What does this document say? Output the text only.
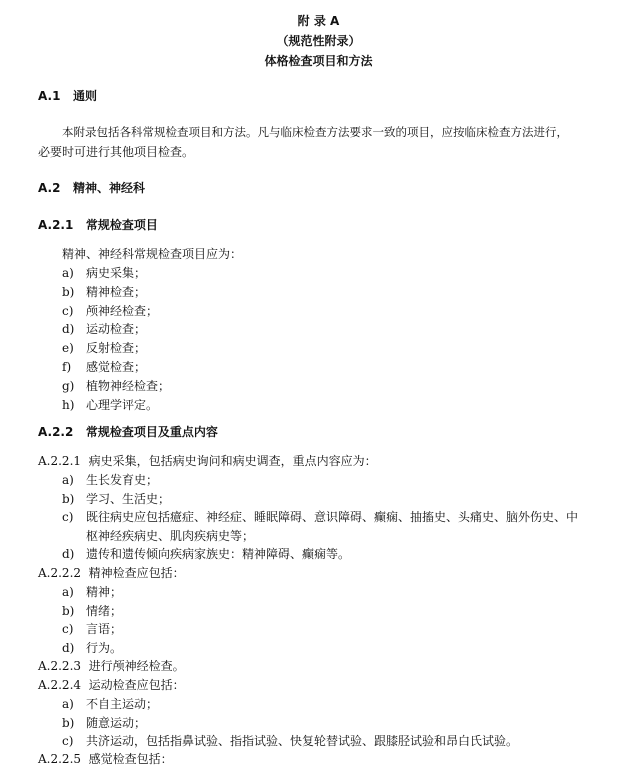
附 录 A
（规范性附录）
体格检查项目和方法
A.1 通则
本附录包括各科常规检查项目和方法。凡与临床检查方法要求一致的项目，应按临床检查方法进行，
必要时可进行其他项目检查。
A.2 精神、神经科
A.2.1 常规检查项目
精神、神经科常规检查项目应为：
a) 病史采集；
b) 精神检查；
c) 颅神经检查；
d) 运动检查；
e) 反射检查；
f) 感觉检查；
g) 植物神经检查；
h) 心理学评定。
A.2.2 常规检查项目及重点内容
A.2.2.1 病史采集，包括病史询问和病史调查，重点内容应为：
a) 生长发育史；
b) 学习、生活史；
c) 既往病史应包括癔症、神经症、睡眠障碍、意识障碍、癫痫、抽搐史、头痛史、脑外伤史、中
枢神经疾病史、肌肉疾病史等；
d) 遗传和遗传倾向疾病家族史：精神障碍、癫痫等。
A.2.2.2 精神检查应包括：
a) 精神；
b) 情绪；
c) 言语；
d) 行为。
A.2.2.3 进行颅神经检查。
A.2.2.4 运动检查应包括：
a) 不自主运动；
b) 随意运动；
c) 共济运动，包括指鼻试验、指指试验、快复轮替试验、跟膝胫试验和昂白氏试验。
A.2.2.5 感觉检查包括：
